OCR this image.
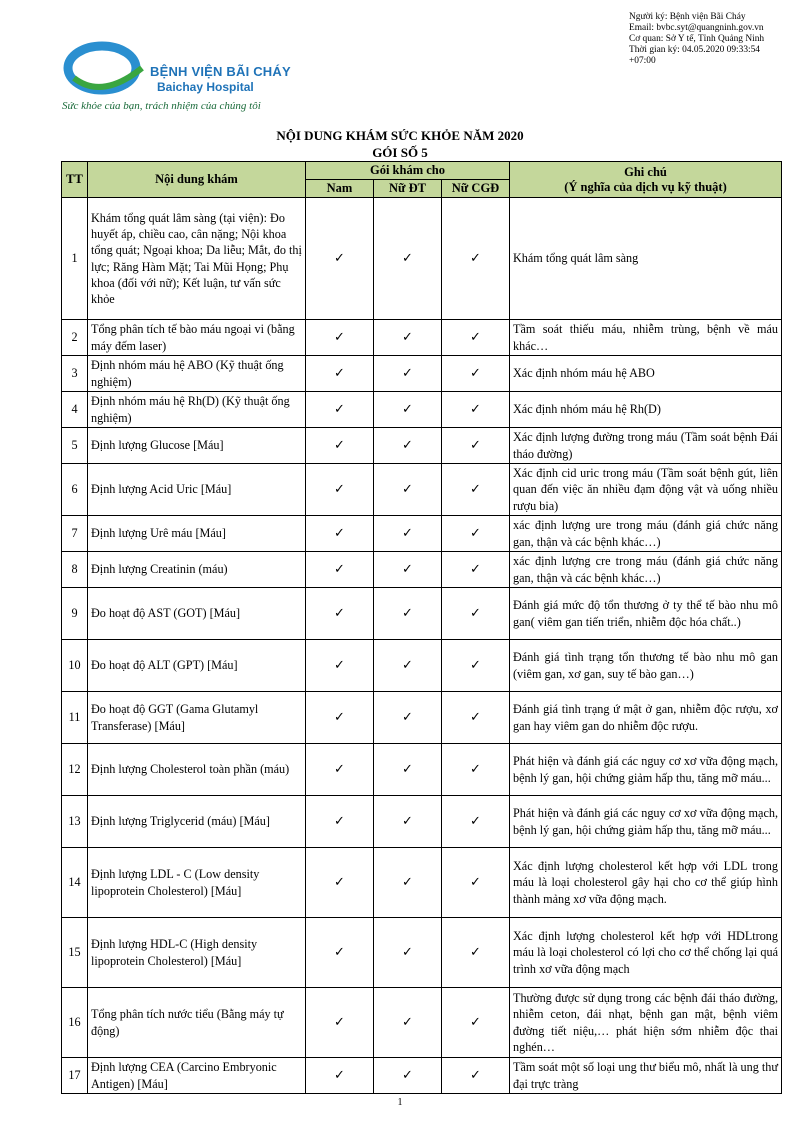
BỆNH VIỆN BÃI CHÁY
Baichay Hospital
Sức khỏe của bạn, trách nhiệm của chúng tôi
Người ký: Bệnh viện Bãi Cháy
Email: bvbc.syt@quangninh.gov.vn
Cơ quan: Sở Y tế, Tỉnh Quảng Ninh
Thời gian ký: 04.05.2020 09:33:54
+07:00
NỘI DUNG KHÁM SỨC KHỎE NĂM 2020
GÓI SỐ 5
TT	Nội dung khám	Gói khám cho			Ghi chú
(Ý nghĩa của dịch vụ kỹ thuật)

		Nam	Nữ ĐT	Nữ CGĐ	
1	Khám tổng quát lâm sàng (tại viện): Đo huyết áp, chiều cao, cân nặng; Nội khoa tổng quát; Ngoại khoa; Da liễu; Mắt, đo thị lực; Răng Hàm Mặt; Tai Mũi Họng; Phụ khoa (đối với nữ); Kết luận, tư vấn sức khỏe	✓	✓	✓	Khám tổng quát lâm sàng
2	Tổng phân tích tế bào máu ngoại vi (bằng máy đếm laser)	✓	✓	✓	Tầm soát thiếu máu, nhiễm trùng, bệnh về máu khác…
3	Định nhóm máu hệ ABO (Kỹ thuật ống nghiệm)	✓	✓	✓	Xác định nhóm máu hệ ABO
4	Định nhóm máu hệ Rh(D) (Kỹ thuật ống nghiệm)	✓	✓	✓	Xác định nhóm máu hệ Rh(D)
5	Định lượng Glucose [Máu]	✓	✓	✓	Xác định lượng đường trong máu (Tầm soát bệnh Đái tháo đường)
6	Định lượng Acid Uric [Máu]	✓	✓	✓	Xác định cid uric trong máu (Tầm soát bệnh gút, liên quan đến việc ăn nhiều đạm động vật và uống nhiều rượu bia)
7	Định lượng Urê máu [Máu]	✓	✓	✓	xác định lượng ure trong máu (đánh giá chức năng gan, thận và các bệnh khác…)
8	Định lượng Creatinin (máu)	✓	✓	✓	xác định lượng cre trong máu (đánh giá chức năng gan, thận và các bệnh khác…)
9	Đo hoạt độ AST (GOT) [Máu]	✓	✓	✓	Đánh giá mức độ tổn thương ở ty thể tế bào nhu mô gan( viêm gan tiến triển, nhiễm độc hóa chất..)
10	Đo hoạt độ ALT (GPT) [Máu]	✓	✓	✓	Đánh giá tình trạng tổn thương tế bào nhu mô gan (viêm gan, xơ gan, suy tế bào gan…)
11	Đo hoạt độ GGT (Gama Glutamyl Transferase) [Máu]	✓	✓	✓	Đánh giá tình trạng ứ mật ở gan, nhiễm độc rượu, xơ gan hay viêm gan do nhiễm độc rượu.
12	Định lượng Cholesterol toàn phần (máu)	✓	✓	✓	Phát hiện và đánh giá các nguy cơ xơ vữa động mạch, bệnh lý gan, hội chứng giảm hấp thu, tăng mỡ máu...
13	Định lượng Triglycerid (máu) [Máu]	✓	✓	✓	Phát hiện và đánh giá các nguy cơ xơ vữa động mạch, bệnh lý gan, hội chứng giảm hấp thu, tăng mỡ máu...
14	Định lượng LDL - C (Low density lipoprotein Cholesterol) [Máu]	✓	✓	✓	Xác định lượng cholesterol kết hợp với LDL trong máu là loại cholesterol gây hại cho cơ thể giúp hình thành mảng xơ vữa động mạch.
15	Định lượng HDL-C (High density lipoprotein Cholesterol) [Máu]	✓	✓	✓	Xác định lượng cholesterol kết hợp với HDLtrong máu là loại cholesterol có lợi cho cơ thể chống lại quá trình xơ vữa động mạch
16	Tổng phân tích nước tiểu (Bằng máy tự động)	✓	✓	✓	Thường được sử dụng trong các bệnh đái tháo đường, nhiễm ceton, đái nhạt, bệnh gan mật, bệnh viêm đường tiết niệu,… phát hiện sớm nhiễm độc thai nghén…
17	Định lượng CEA (Carcino Embryonic Antigen) [Máu]	✓	✓	✓	Tầm soát một số loại ung thư biểu mô, nhất là ung thư đại trực tràng
1
